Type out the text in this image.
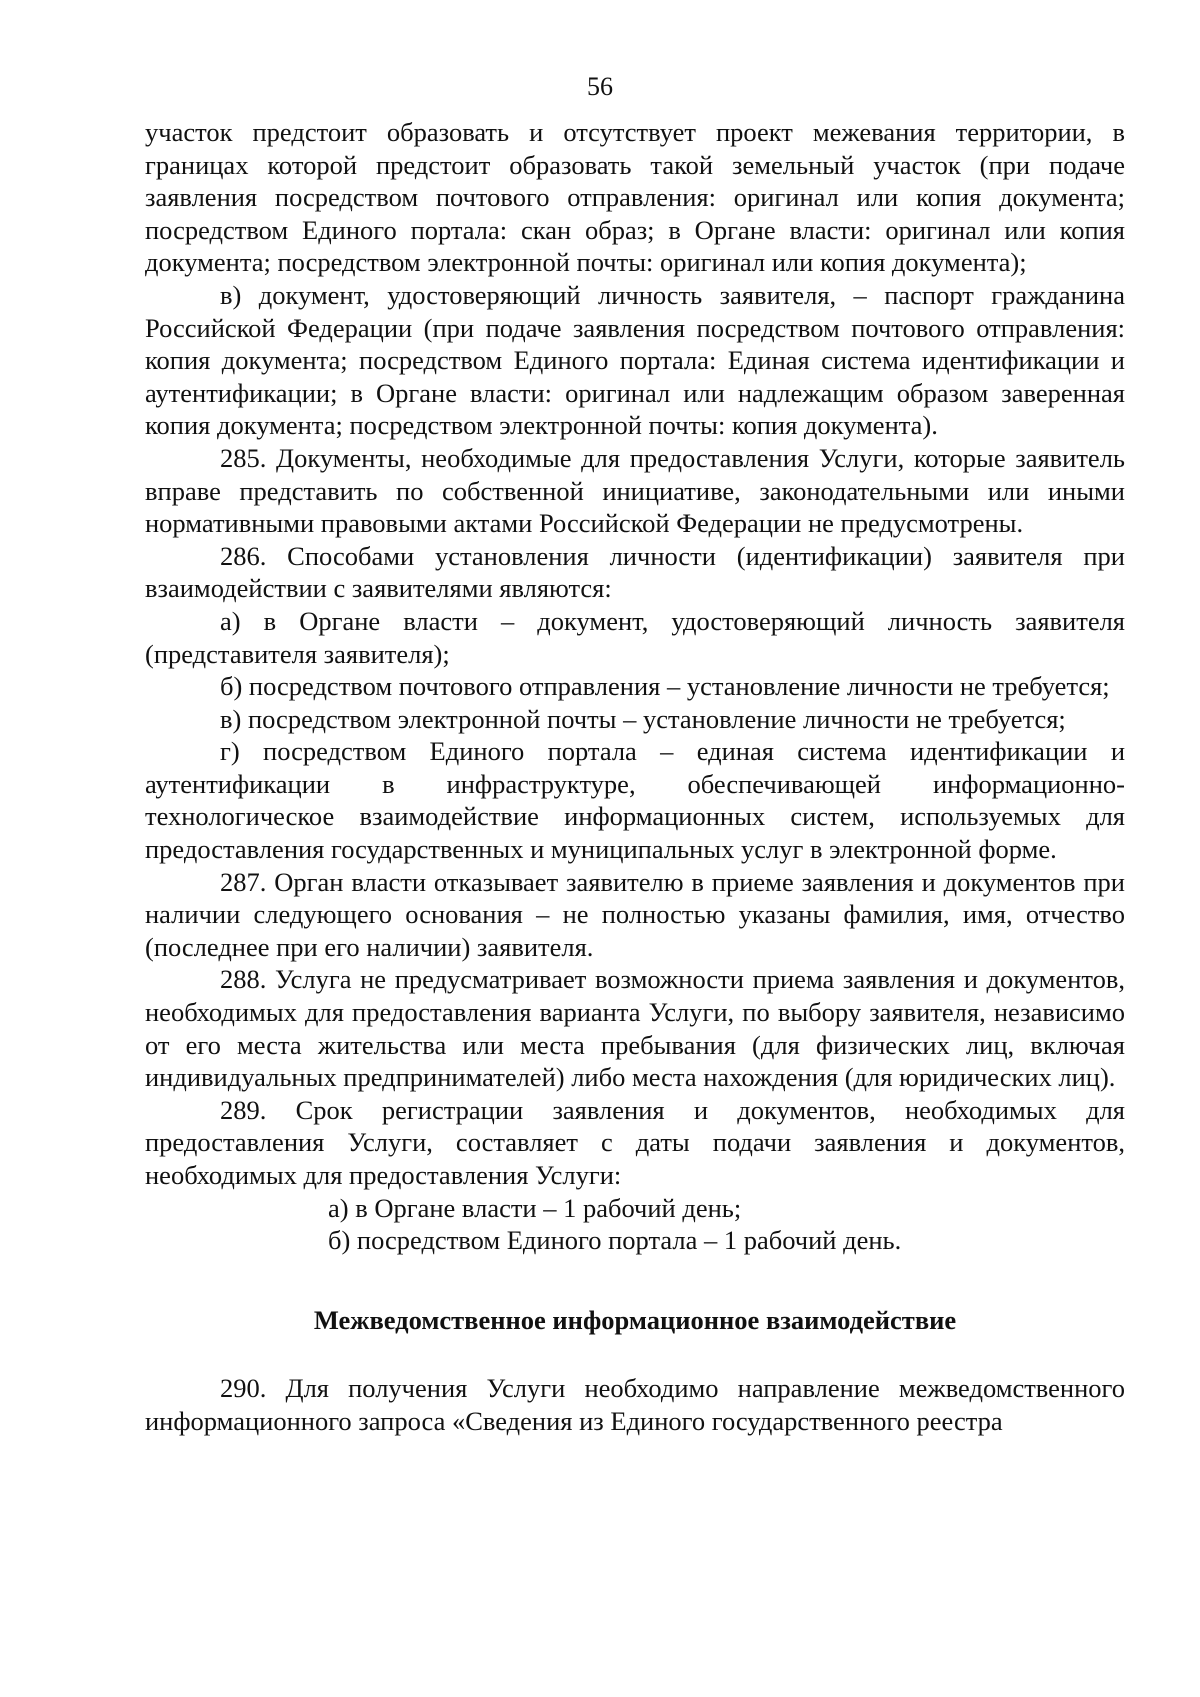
56

участок предстоит образовать и отсутствует проект межевания территории, в границах которой предстоит образовать такой земельный участок (при подаче заявления посредством почтового отправления: оригинал или копия документа; посредством Единого портала: скан образ; в Органе власти: оригинал или копия документа; посредством электронной почты: оригинал или копия документа);

в) документ, удостоверяющий личность заявителя, – паспорт гражданина Российской Федерации (при подаче заявления посредством почтового отправления: копия документа; посредством Единого портала: Единая система идентификации и аутентификации; в Органе власти: оригинал или надлежащим образом заверенная копия документа; посредством электронной почты: копия документа).

285. Документы, необходимые для предоставления Услуги, которые заявитель вправе представить по собственной инициативе, законодательными или иными нормативными правовыми актами Российской Федерации не предусмотрены.

286. Способами установления личности (идентификации) заявителя при взаимодействии с заявителями являются:

а) в Органе власти – документ, удостоверяющий личность заявителя (представителя заявителя);

б) посредством почтового отправления – установление личности не требуется;

в) посредством электронной почты – установление личности не требуется;

г) посредством Единого портала – единая система идентификации и аутентификации в инфраструктуре, обеспечивающей информационно-технологическое взаимодействие информационных систем, используемых для предоставления государственных и муниципальных услуг в электронной форме.

287. Орган власти отказывает заявителю в приеме заявления и документов при наличии следующего основания – не полностью указаны фамилия, имя, отчество (последнее при его наличии) заявителя.

288. Услуга не предусматривает возможности приема заявления и документов, необходимых для предоставления варианта Услуги, по выбору заявителя, независимо от его места жительства или места пребывания (для физических лиц, включая индивидуальных предпринимателей) либо места нахождения (для юридических лиц).

289. Срок регистрации заявления и документов, необходимых для предоставления Услуги, составляет с даты подачи заявления и документов, необходимых для предоставления Услуги:

а) в Органе власти – 1 рабочий день;

б) посредством Единого портала – 1 рабочий день.

Межведомственное информационное взаимодействие

290. Для получения Услуги необходимо направление межведомственного информационного запроса «Сведения из Единого государственного реестра
